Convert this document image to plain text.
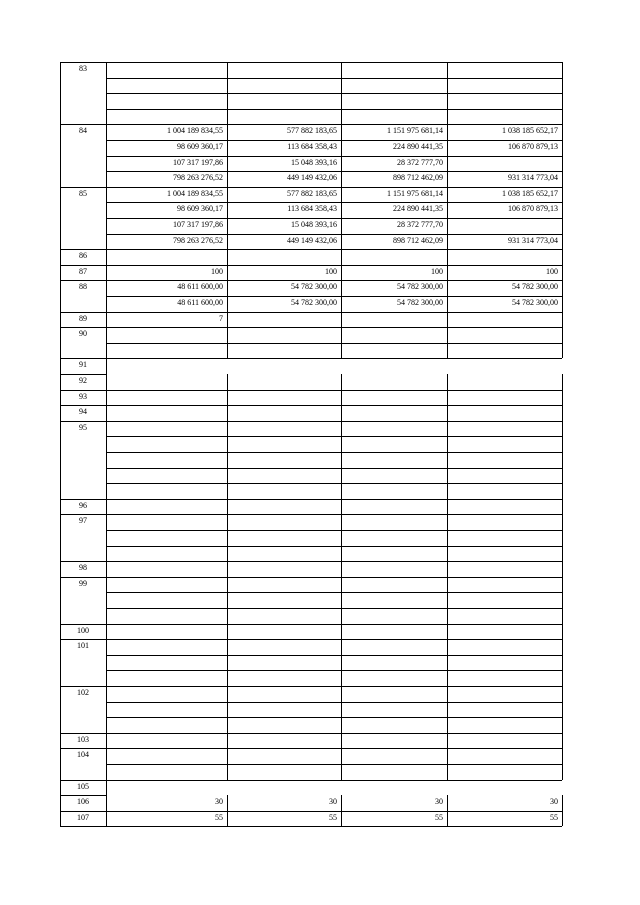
83
84	1 004 189 834,55	577 882 183,65	1 151 975 681,14	1 038 185 652,17
98 609 360,17	113 684 358,43	224 890 441,35	106 870 879,13
107 317 197,86	15 048 393,16	28 372 777,70
798 263 276,52	449 149 432,06	898 712 462,09	931 314 773,04
85	1 004 189 834,55	577 882 183,65	1 151 975 681,14	1 038 185 652,17
98 609 360,17	113 684 358,43	224 890 441,35	106 870 879,13
107 317 197,86	15 048 393,16	28 372 777,70
798 263 276,52	449 149 432,06	898 712 462,09	931 314 773,04
86
87	100	100	100	100
88	48 611 600,00	54 782 300,00	54 782 300,00	54 782 300,00
48 611 600,00	54 782 300,00	54 782 300,00	54 782 300,00
89	7
90
91
92
93
94
95
96
97
98
99
100
101
102
103
104
105
106	30	30	30	30
107	55	55	55	55
